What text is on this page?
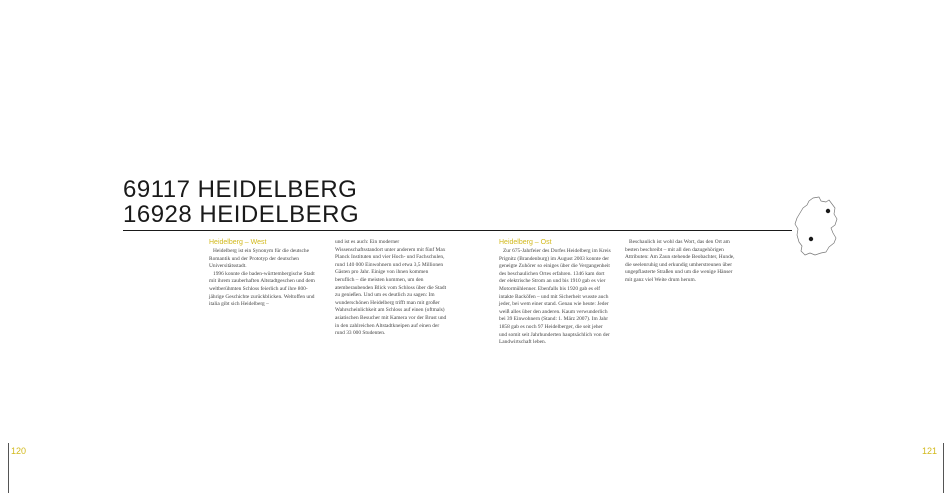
69117 HEIDELBERG
16928 HEIDELBERG
Heidelberg – West

Heidelberg ist ein Synonym für die deutsche Romantik und der Prototyp der deutschen Universitätsstadt.

1996 konnte die baden-württembergische Stadt mit ihrem zauberhaften Altstadtgeschen und dem weltberühmten Schloss feierlich auf ihre 800-jährige Geschichte zurückblicken. Weltoffen und italia gibt sich Heidelberg –

und ist es auch: Ein moderner Wissenschaftsstandort unter anderem mit fünf Max Planck Instituten und vier Hoch- und Fachschulen, rund 140 000 Einwohnern und etwa 3,5 Millionen Gästen pro Jahr. Einige von ihnen kommen beruflich – die meisten kommen, um den atemberaubenden Blick vom Schloss über die Stadt zu genießen. Und um es deutlich zu sagen: Im wunderschönen Heidelberg trifft man mit großer Wahrscheinlichkeit am Schloss auf einen (oftmals) asiatischen Besucher mit Kamera vor der Brust und in den zahlreichen Altstadtkneipen auf einen der rund 33 000 Studenten.

Heidelberg – Ost

Zur 675-Jahrfeier des Dorfes Heidelberg im Kreis Prignitz (Brandenburg) im August 2003 konnte der geneigte Zuhörer so einiges über die Vergangenheit des beschaulichen Ortes erfahren. 1346 kam dort der elektrische Strom an und bis 1910 gab es vier Motormühlenner. Ebenfalls bis 1920 gab es elf intakte Backöfen – und mit Sicherheit wusste auch jeder, bei wem einer stand. Genau wie heute: Jeder weiß alles über den anderen. Kaum verwunderlich bei 39 Einwohnern (Stand: 1. März 2007). Im Jahr 1858 gab es noch 97 Heidelberger, die seit jeher und somit seit Jahrhunderten hauptsächlich von der Landwirtschaft leben.

Beschaulich ist wohl das Wort, das den Ort am besten beschreibt – mit all den dazugehörigen Attributen: Am Zaun stehende Beobachter, Hunde, die seelenruhig und erkundig umherstreunen über ungepflasterte Straßen und um die wenige Hänser mit ganz viel Weite drum herum.

120	121
